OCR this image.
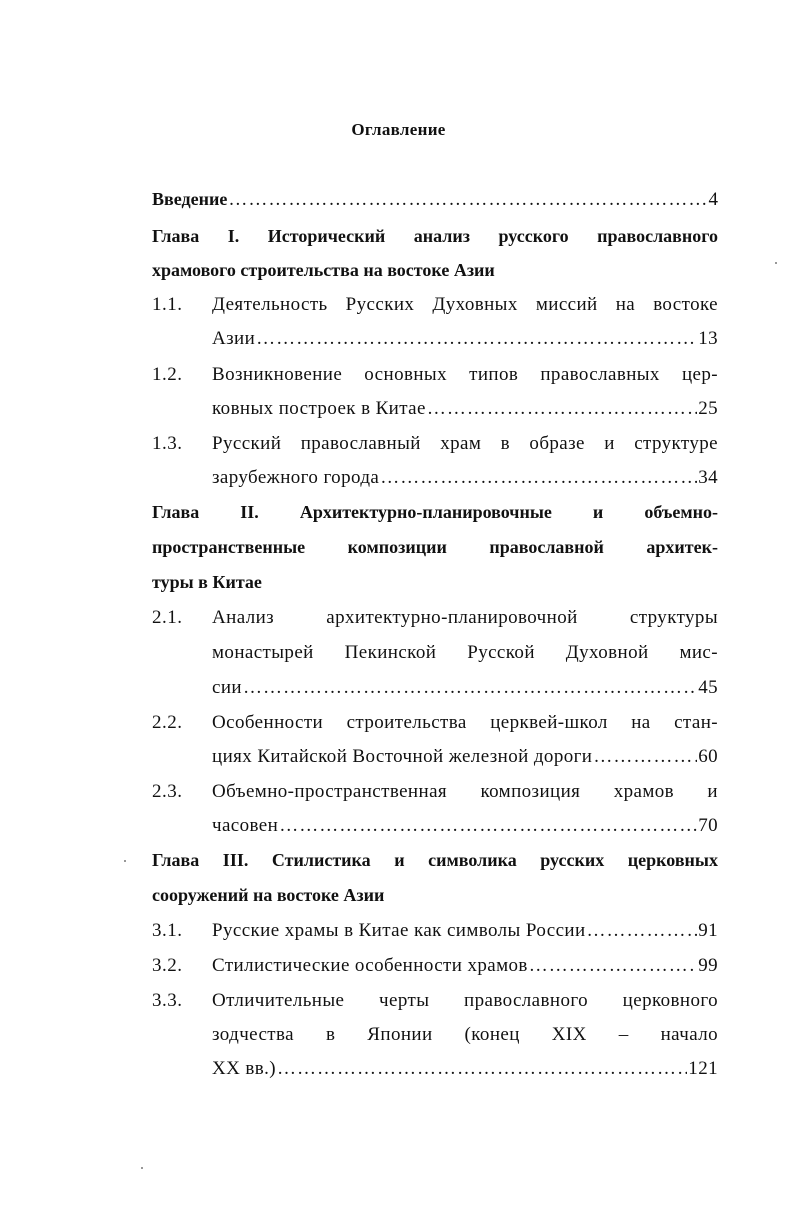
Оглавление
Введение ………………………………………………………………………………………………………………………………………………………………	4
Глава I. Исторический анализ русского православного
храмового строительства на востоке Азии
1.1. Деятельность Русских Духовных миссий на востоке
Азии ………………………………………………………………………………………………………………………………………………………………	13
1.2. Возникновение основных типов православных цер-
ковных построек в Китае ………………………………………………………………………………………………………………………………………………………………	25
1.3. Русский православный храм в образе и структуре
зарубежного города ………………………………………………………………………………………………………………………………………………………………	34
Глава II. Архитектурно-планировочные и объемно-
пространственные композиции православной архитек-
туры в Китае
2.1. Анализ архитектурно-планировочной структуры
монастырей Пекинской Русской Духовной мис-
сии ………………………………………………………………………………………………………………………………………………………………	45
2.2. Особенности строительства церквей-школ на стан-
циях Китайской Восточной железной дороги ………………………………………………………………………………………………………………………………………………………………	60
2.3. Объемно-пространственная композиция храмов и
часовен ………………………………………………………………………………………………………………………………………………………………	70
Глава III. Стилистика и символика русских церковных
сооружений на востоке Азии
3.1. Русские храмы в Китае как символы России ………………………………………………………………………………………………………………………………………………………………	91
3.2. Стилистические особенности храмов ………………………………………………………………………………………………………………………………………………………………	99
3.3. Отличительные черты православного церковного
зодчества в Японии (конец XIX – начало
XX вв.) ………………………………………………………………………………………………………………………………………………………………	121
